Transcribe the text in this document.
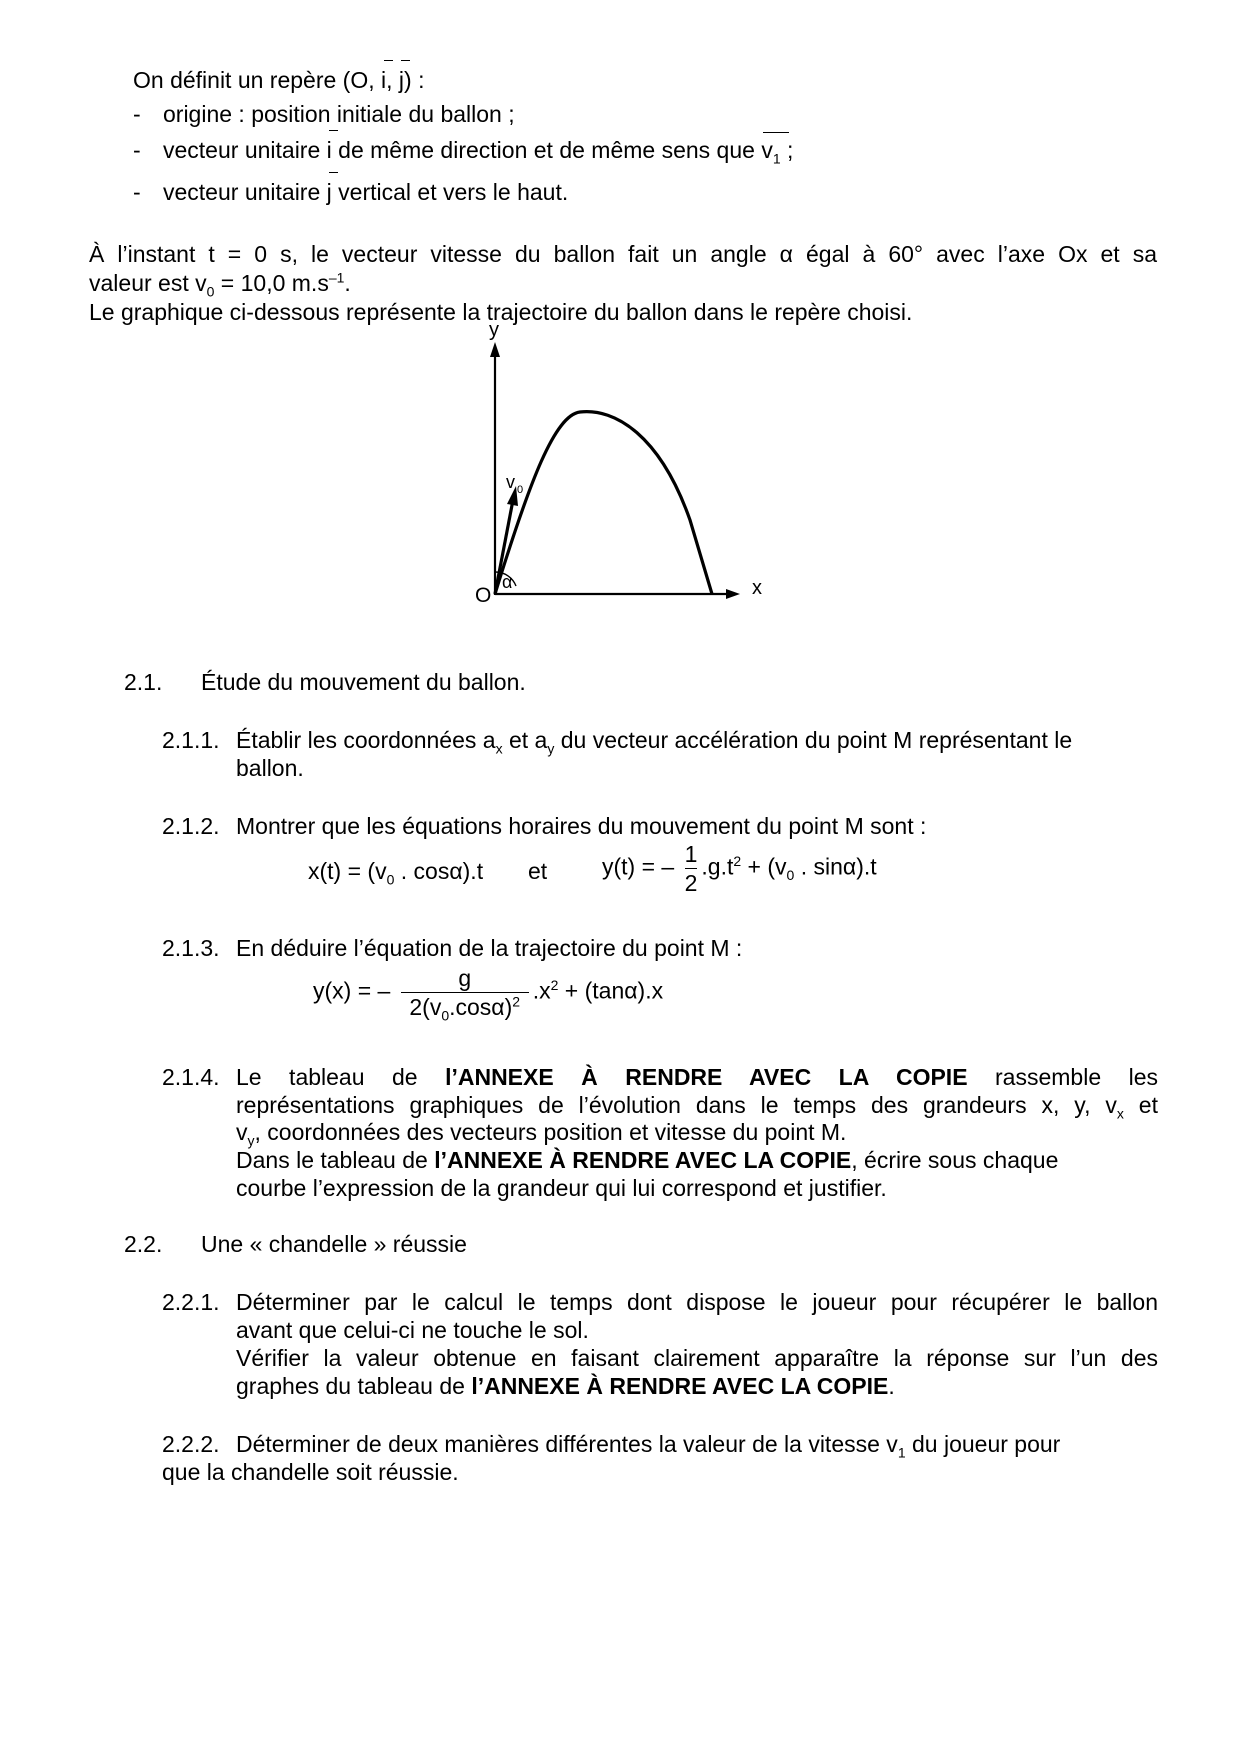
On définit un repère (O, i, j) :
- origine : position initiale du ballon ;
- vecteur unitaire i de même direction et de même sens que $v_1$ ;
- vecteur unitaire j vertical et vers le haut.
À l’instant t = 0 s, le vecteur vitesse du ballon fait un angle α égal à 60° avec l’axe Ox et sa
valeur est $v_0 = 10,0$ $m.s^{-1}$.
Le graphique ci-dessous représente la trajectoire du ballon dans le repère choisi.
y
x
O
α
v 0
2.1. Étude du mouvement du ballon.
2.1.1. Établir les coordonnées $a_x$ et $a_y$ du vecteur accélération du point M représentant le
ballon.
2.1.2. Montrer que les équations horaires du mouvement du point M sont :
$x(t) = (v_0$ . cosα).t et y(t) = – $\frac{1}{2} .g.t^2 + (v_0$ . sinα).t
2.1.3. En déduire l’équation de la trajectoire du point M :
y(x) = – $\frac{g}{2(v_0.\cos\alpha)^2} .x^2 + (\tan\alpha).x$
2.1.4. Le tableau de l’ANNEXE À RENDRE AVEC LA COPIE rassemble les
représentations graphiques de l’évolution dans le temps des grandeurs x, y, $v_x$ et
$v_y$, coordonnées des vecteurs position et vitesse du point M.
Dans le tableau de l’ANNEXE À RENDRE AVEC LA COPIE, écrire sous chaque
courbe l’expression de la grandeur qui lui correspond et justifier.
2.2. Une « chandelle » réussie
2.2.1. Déterminer par le calcul le temps dont dispose le joueur pour récupérer le ballon
avant que celui-ci ne touche le sol.
Vérifier la valeur obtenue en faisant clairement apparaître la réponse sur l’un des
graphes du tableau de l’ANNEXE À RENDRE AVEC LA COPIE.
2.2.2. Déterminer de deux manières différentes la valeur de la vitesse $v_1$ du joueur pour
que la chandelle soit réussie.
